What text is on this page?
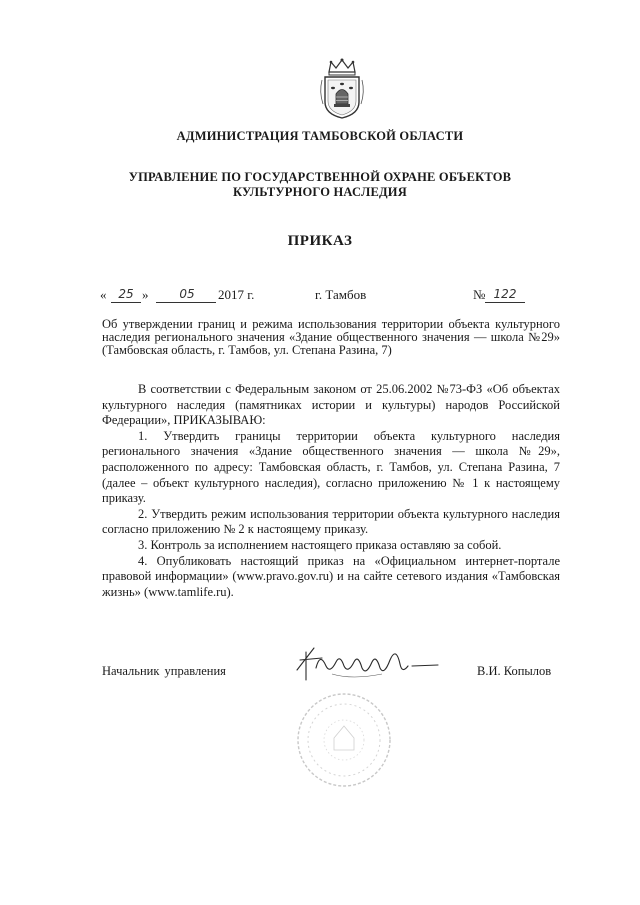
АДМИНИСТРАЦИЯ ТАМБОВСКОЙ ОБЛАСТИ
УПРАВЛЕНИЕ ПО ГОСУДАРСТВЕННОЙ ОХРАНЕ ОБЪЕКТОВ
КУЛЬТУРНОГО НАСЛЕДИЯ
ПРИКАЗ
« 25 »	05	2017 г.	г. Тамбов	№ 122

Об утверждении границ и режима использования территории объекта культурного наследия регионального значения «Здание общественного значения — школа №29» (Тамбовская область, г. Тамбов, ул. Степана Разина, 7)

В соответствии с Федеральным законом от 25.06.2002 №73-ФЗ «Об объектах культурного наследия (памятниках истории и культуры) народов Российской Федерации», ПРИКАЗЫВАЮ:

1. Утвердить границы территории объекта культурного наследия регионального значения «Здание общественного значения — школа №29», расположенного по адресу: Тамбовская область, г. Тамбов, ул. Степана Разина, 7 (далее – объект культурного наследия), согласно приложению № 1 к настоящему приказу.

2. Утвердить режим использования территории объекта культурного наследия согласно приложению № 2 к настоящему приказу.

3. Контроль за исполнением настоящего приказа оставляю за собой.

4. Опубликовать настоящий приказ на «Официальном интернет-портале правовой информации» (www.pravo.gov.ru) и на сайте сетевого издания «Тамбовская жизнь» (www.tamlife.ru).

Начальник управления	В.И. Копылов
